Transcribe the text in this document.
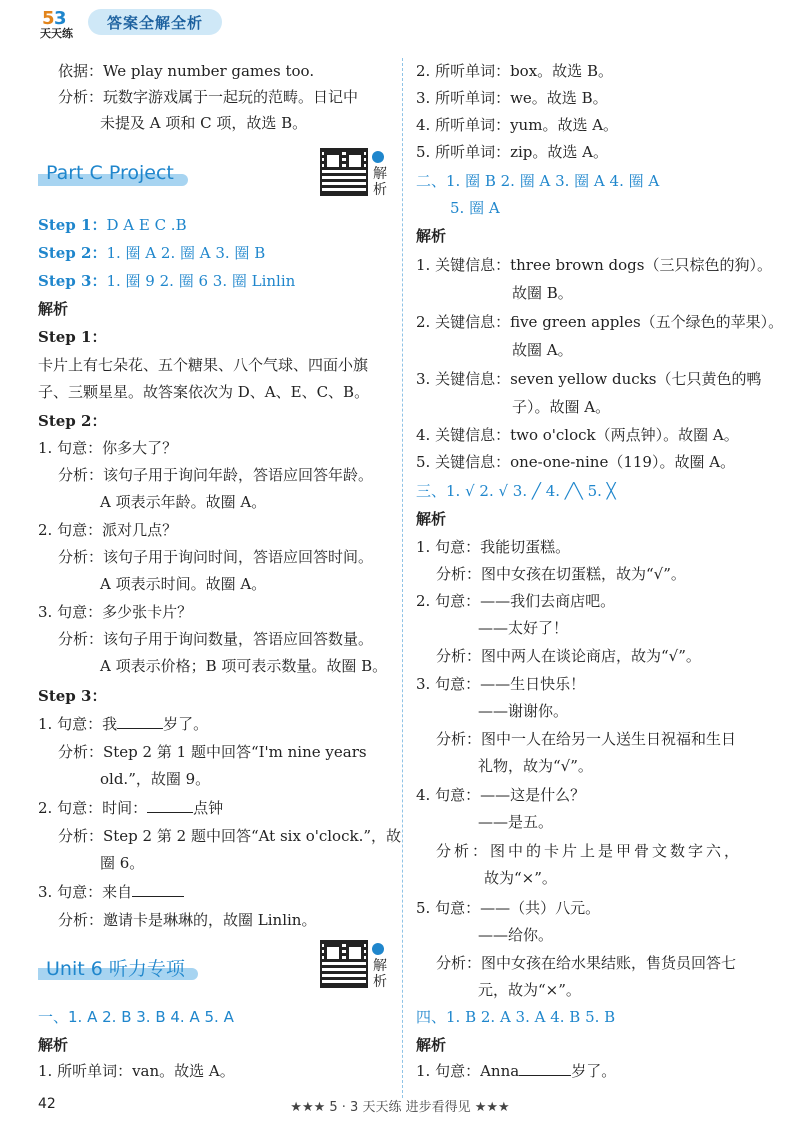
5 3
天天练
答案全解全析
依据：We play number games too.
分析：玩数字游戏属于一起玩的范畴。日记中
未提及 A 项和 C 项，故选 B。
Part C Project	解析
Step 1：D A E C .B
Step 2：1. 圈 A 2. 圈 A 3. 圈 B
Step 3：1. 圈 9 2. 圈 6 3. 圈 Linlin
解析
Step 1：
卡片上有七朵花、五个糖果、八个气球、四面小旗
子、三颗星星。故答案依次为 D、A、E、C、B。
Step 2：
1. 句意：你多大了？
分析：该句子用于询问年龄，答语应回答年龄。
A 项表示年龄。故圈 A。
2. 句意：派对几点？
分析：该句子用于询问时间，答语应回答时间。
A 项表示时间。故圈 A。
3. 句意：多少张卡片？
分析：该句子用于询问数量，答语应回答数量。
A 项表示价格；B 项可表示数量。故圈 B。
Step 3：
1. 句意：我	岁了。
分析：Step 2 第 1 题中回答“I'm nine years
old.”，故圈 9。
2. 句意：时间：	点钟
分析：Step 2 第 2 题中回答“At six o'clock.”，故
圈 6。
3. 句意：来自
分析：邀请卡是琳琳的，故圈 Linlin。
Unit 6 听力专项	解析
一、1. A 2. B 3. B 4. A 5. A
解析
1. 所听单词：van。故选 A。
2. 所听单词：box。故选 B。
3. 所听单词：we。故选 B。
4. 所听单词：yum。故选 A。
5. 所听单词：zip。故选 A。
二、1. 圈 B 2. 圈 A 3. 圈 A 4. 圈 A
5. 圈 A
解析
1. 关键信息：three brown dogs（三只棕色的狗）。
故圈 B。
2. 关键信息：five green apples（五个绿色的苹果）。
故圈 A。
3. 关键信息：seven yellow ducks（七只黄色的鸭
子）。故圈 A。
4. 关键信息：two o'clock（两点钟）。故圈 A。
5. 关键信息：one-one-nine（119）。故圈 A。
三、1. √ 2. √ 3. ╱ 4. ╱╲ 5. ╳
解析
1. 句意：我能切蛋糕。
分析：图中女孩在切蛋糕，故为“√”。
2. 句意：——我们去商店吧。
——太好了！
分析：图中两人在谈论商店，故为“√”。
3. 句意：——生日快乐！
——谢谢你。
分析：图中一人在给另一人送生日祝福和生日
礼物，故为“√”。
4. 句意：——这是什么？
——是五。
分析：图中的卡片上是甲骨文数字六，
故为“×”。
5. 句意：——（共）八元。
——给你。
分析：图中女孩在给水果结账，售货员回答七
元，故为“×”。
四、1. B 2. A 3. A 4. B 5. B
解析
1. 句意：Anna	岁了。
42	★★★ 5 · 3 天天练 进步看得见 ★★★
